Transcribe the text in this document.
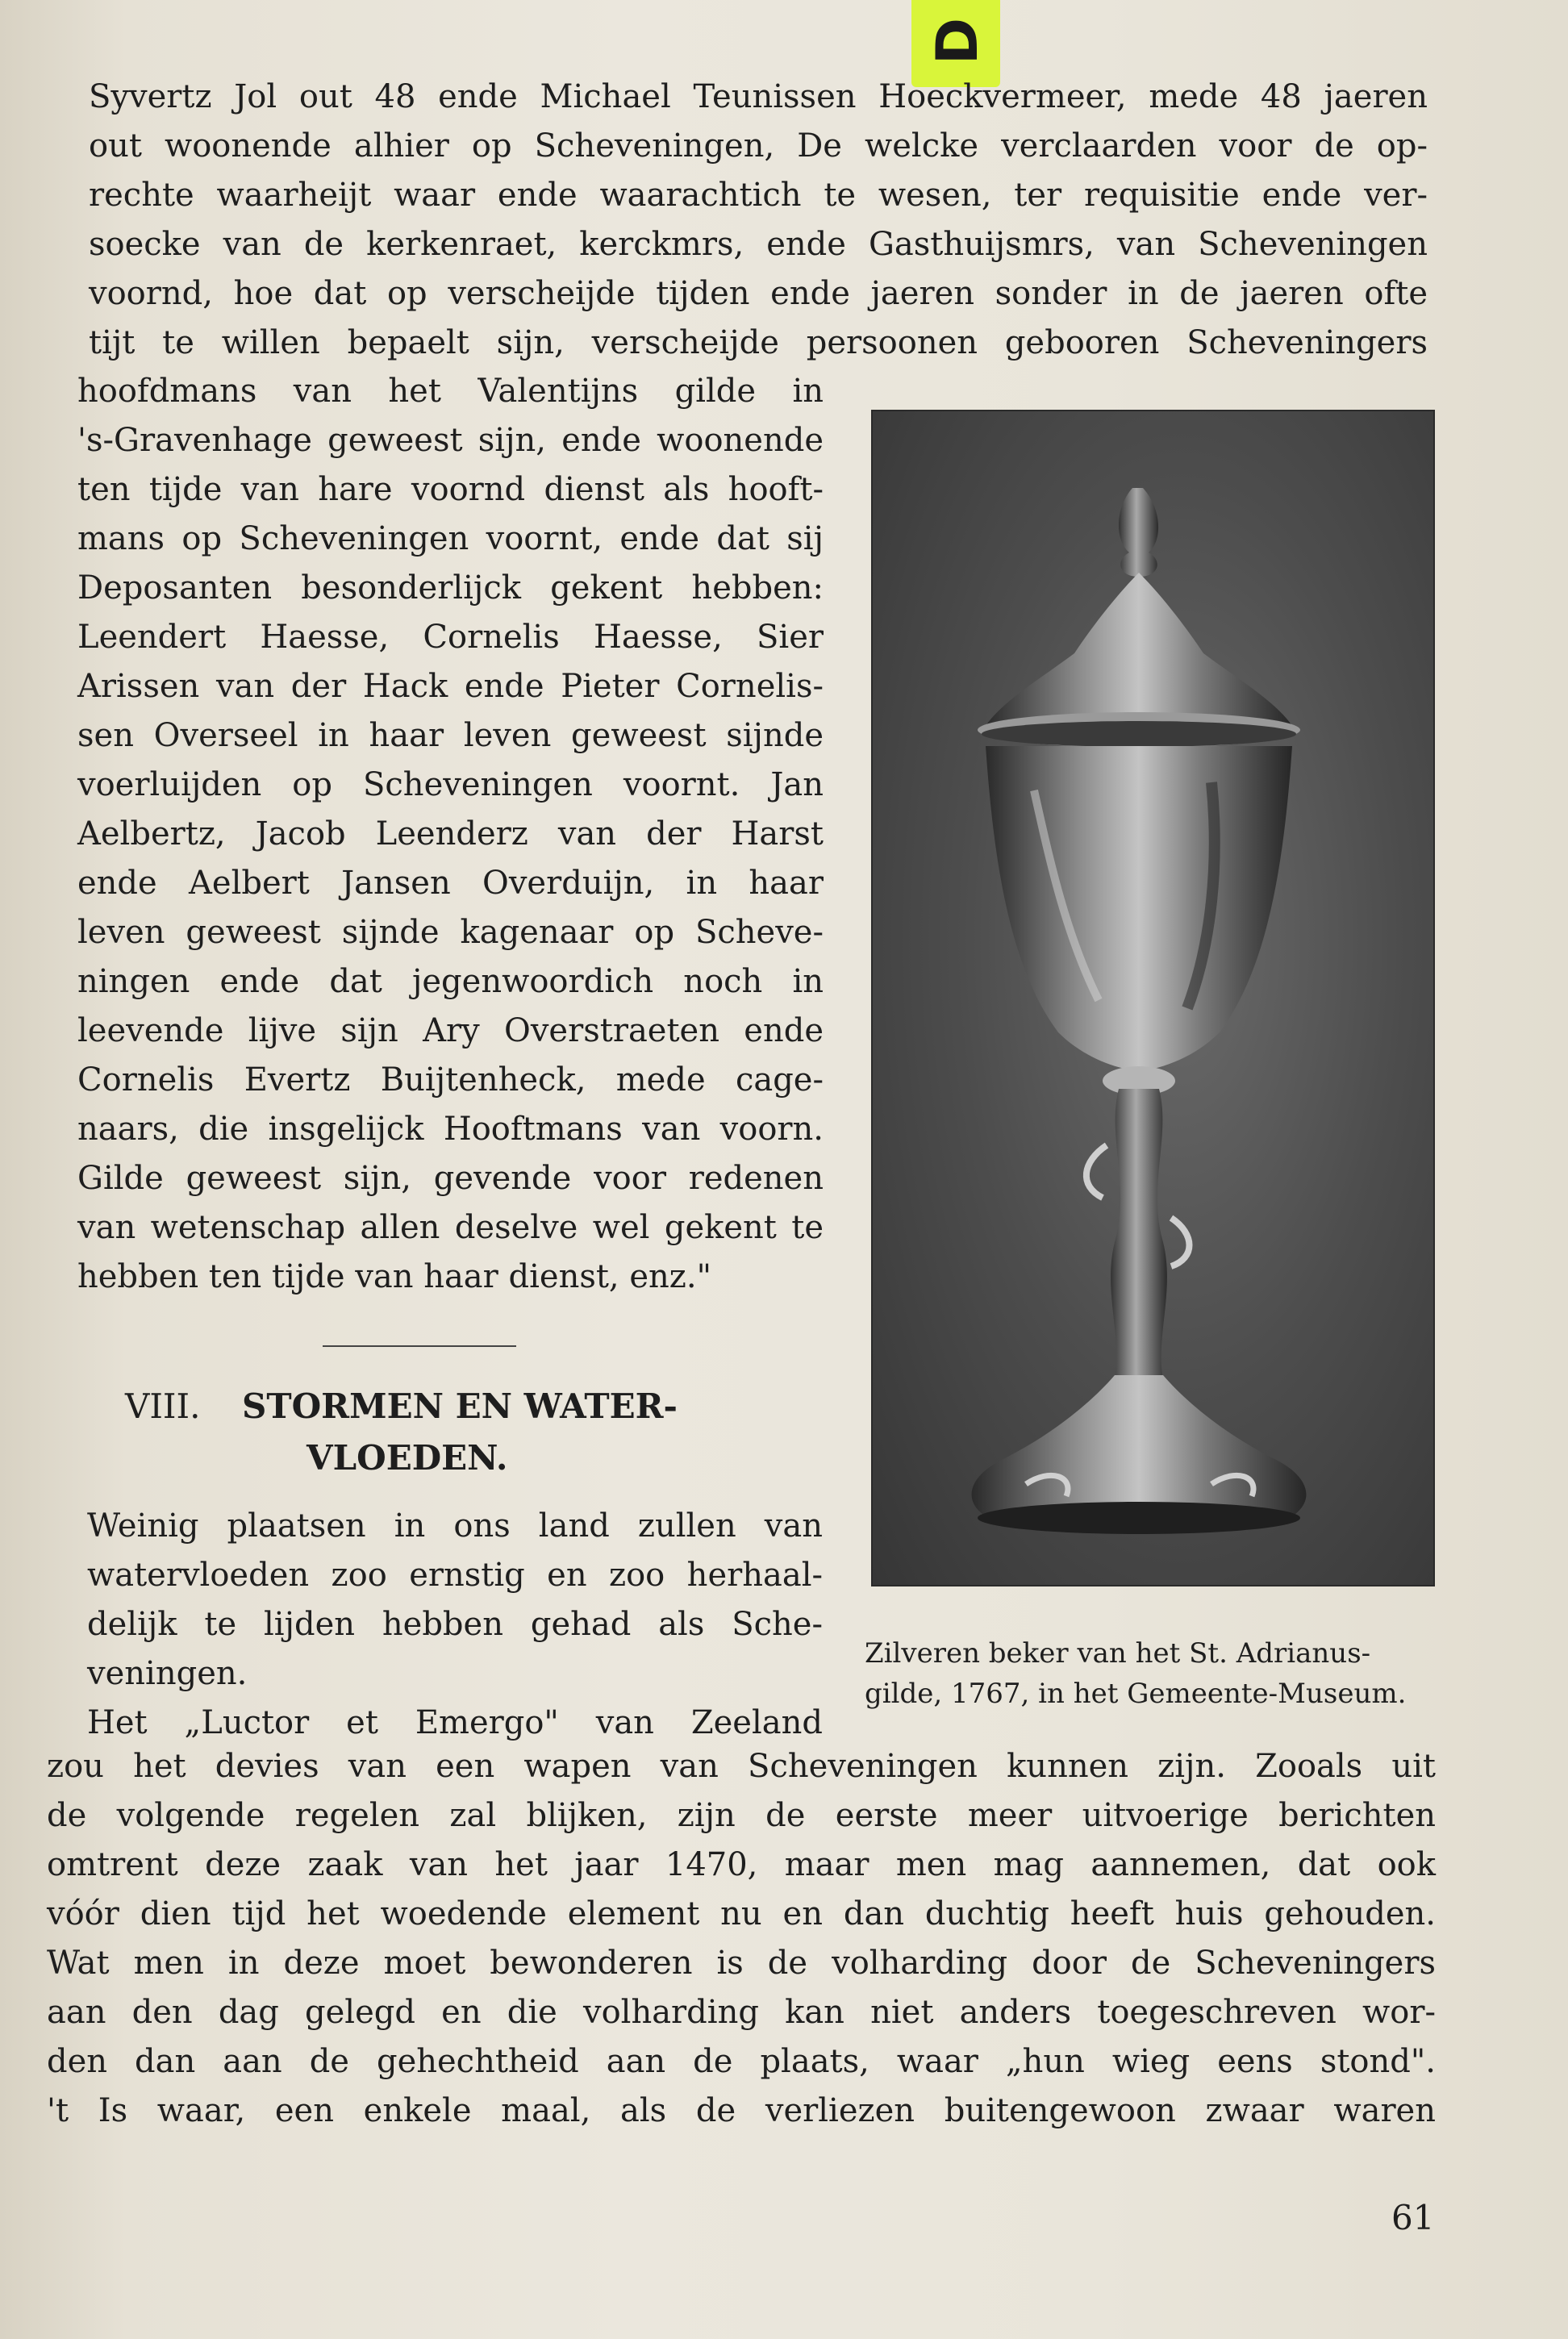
D
Syvertz Jol out 48 ende Michael Teunissen Hoeckvermeer, mede 48 jaeren
out woonende alhier op Scheveningen, De welcke verclaarden voor de op-
rechte waarheijt waar ende waarachtich te wesen, ter requisitie ende ver-
soecke van de kerkenraet, kerckmrs, ende Gasthuijsmrs, van Scheveningen
voornd, hoe dat op verscheijde tijden ende jaeren sonder in de jaeren ofte
tijt te willen bepaelt sijn, verscheijde persoonen gebooren Scheveningers
hoofdmans van het Valentijns gilde in
's-Gravenhage geweest sijn, ende woonende
ten tijde van hare voornd dienst als hooft-
mans op Scheveningen voornt, ende dat sij
Deposanten besonderlijck gekent hebben:
Leendert Haesse, Cornelis Haesse, Sier
Arissen van der Hack ende Pieter Cornelis-
sen Overseel in haar leven geweest sijnde
voerluijden op Scheveningen voornt. Jan
Aelbertz, Jacob Leenderz van der Harst
ende Aelbert Jansen Overduijn, in haar
leven geweest sijnde kagenaar op Scheve-
ningen ende dat jegenwoordich noch in
leevende lijve sijn Ary Overstraeten ende
Cornelis Evertz Buijtenheck, mede cage-
naars, die insgelijck Hooftmans van voorn.
Gilde geweest sijn, gevende voor redenen
van wetenschap allen deselve wel gekent te
hebben ten tijde van haar dienst, enz."
VIII. STORMEN EN WATER-
VLOEDEN.
Weinig plaatsen in ons land zullen van
watervloeden zoo ernstig en zoo herhaal-
delijk te lijden hebben gehad als Sche-
veningen.
Het „Luctor et Emergo" van Zeeland
zou het devies van een wapen van Scheveningen kunnen zijn. Zooals uit
de volgende regelen zal blijken, zijn de eerste meer uitvoerige berichten
omtrent deze zaak van het jaar 1470, maar men mag aannemen, dat ook
vóór dien tijd het woedende element nu en dan duchtig heeft huis gehouden.
Wat men in deze moet bewonderen is de volharding door de Scheveningers
aan den dag gelegd en die volharding kan niet anders toegeschreven wor-
den dan aan de gehechtheid aan de plaats, waar „hun wieg eens stond".
't Is waar, een enkele maal, als de verliezen buitengewoon zwaar waren
Zilveren beker van het St. Adrianus-
gilde, 1767, in het Gemeente-Museum.
61
